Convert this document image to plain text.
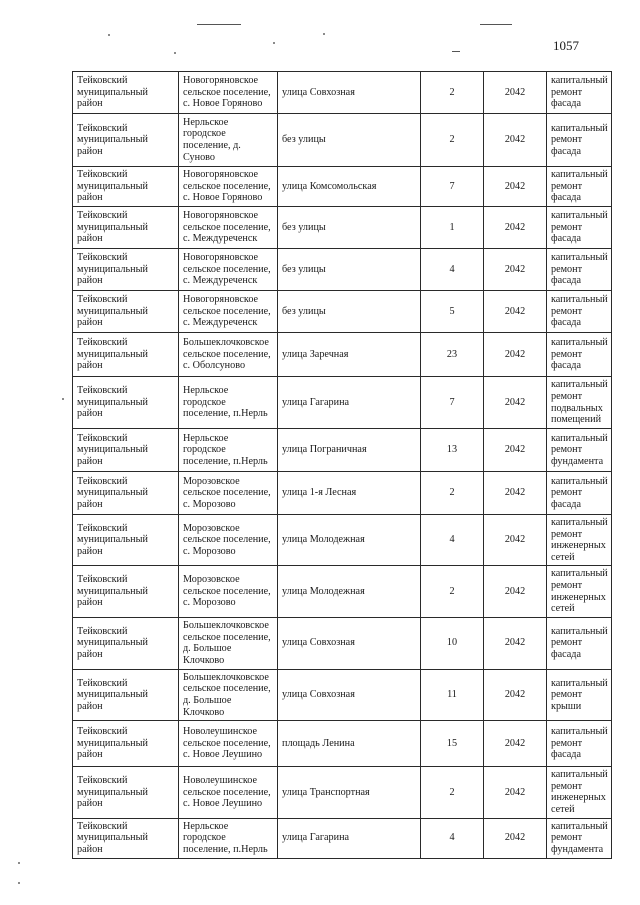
1057
Тейковский муниципальный район	Новогоряновское сельское поселение, с. Новое Горяново	улица Совхозная	2	2042	капитальный ремонт фасада
Тейковский муниципальный район	Нерльское городское поселение, д. Суново	без улицы	2	2042	капитальный ремонт фасада
Тейковский муниципальный район	Новогоряновское сельское поселение, с. Новое Горяново	улица Комсомольская	7	2042	капитальный ремонт фасада
Тейковский муниципальный район	Новогоряновское сельское поселение, с. Междуреченск	без улицы	1	2042	капитальный ремонт фасада
Тейковский муниципальный район	Новогоряновское сельское поселение, с. Междуреченск	без улицы	4	2042	капитальный ремонт фасада
Тейковский муниципальный район	Новогоряновское сельское поселение, с. Междуреченск	без улицы	5	2042	капитальный ремонт фасада
Тейковский муниципальный район	Большеклочковское сельское поселение, с. Оболсуново	улица Заречная	23	2042	капитальный ремонт фасада
Тейковский муниципальный район	Нерльское городское поселение, п.Нерль	улица Гагарина	7	2042	капитальный ремонт подвальных помещений
Тейковский муниципальный район	Нерльское городское поселение, п.Нерль	улица Пограничная	13	2042	капитальный ремонт фундамента
Тейковский муниципальный район	Морозовское сельское поселение, с. Морозово	улица 1-я Лесная	2	2042	капитальный ремонт фасада
Тейковский муниципальный район	Морозовское сельское поселение, с. Морозово	улица Молодежная	4	2042	капитальный ремонт инженерных сетей
Тейковский муниципальный район	Морозовское сельское поселение, с. Морозово	улица Молодежная	2	2042	капитальный ремонт инженерных сетей
Тейковский муниципальный район	Большеклочковское сельское поселение, д. Большое Клочково	улица Совхозная	10	2042	капитальный ремонт фасада
Тейковский муниципальный район	Большеклочковское сельское поселение, д. Большое Клочково	улица Совхозная	11	2042	капитальный ремонт крыши
Тейковский муниципальный район	Новолеушинское сельское поселение, с. Новое Леушино	площадь Ленина	15	2042	капитальный ремонт фасада
Тейковский муниципальный район	Новолеушинское сельское поселение, с. Новое Леушино	улица Транспортная	2	2042	капитальный ремонт инженерных сетей
Тейковский муниципальный район	Нерльское городское поселение, п.Нерль	улица Гагарина	4	2042	капитальный ремонт фундамента
